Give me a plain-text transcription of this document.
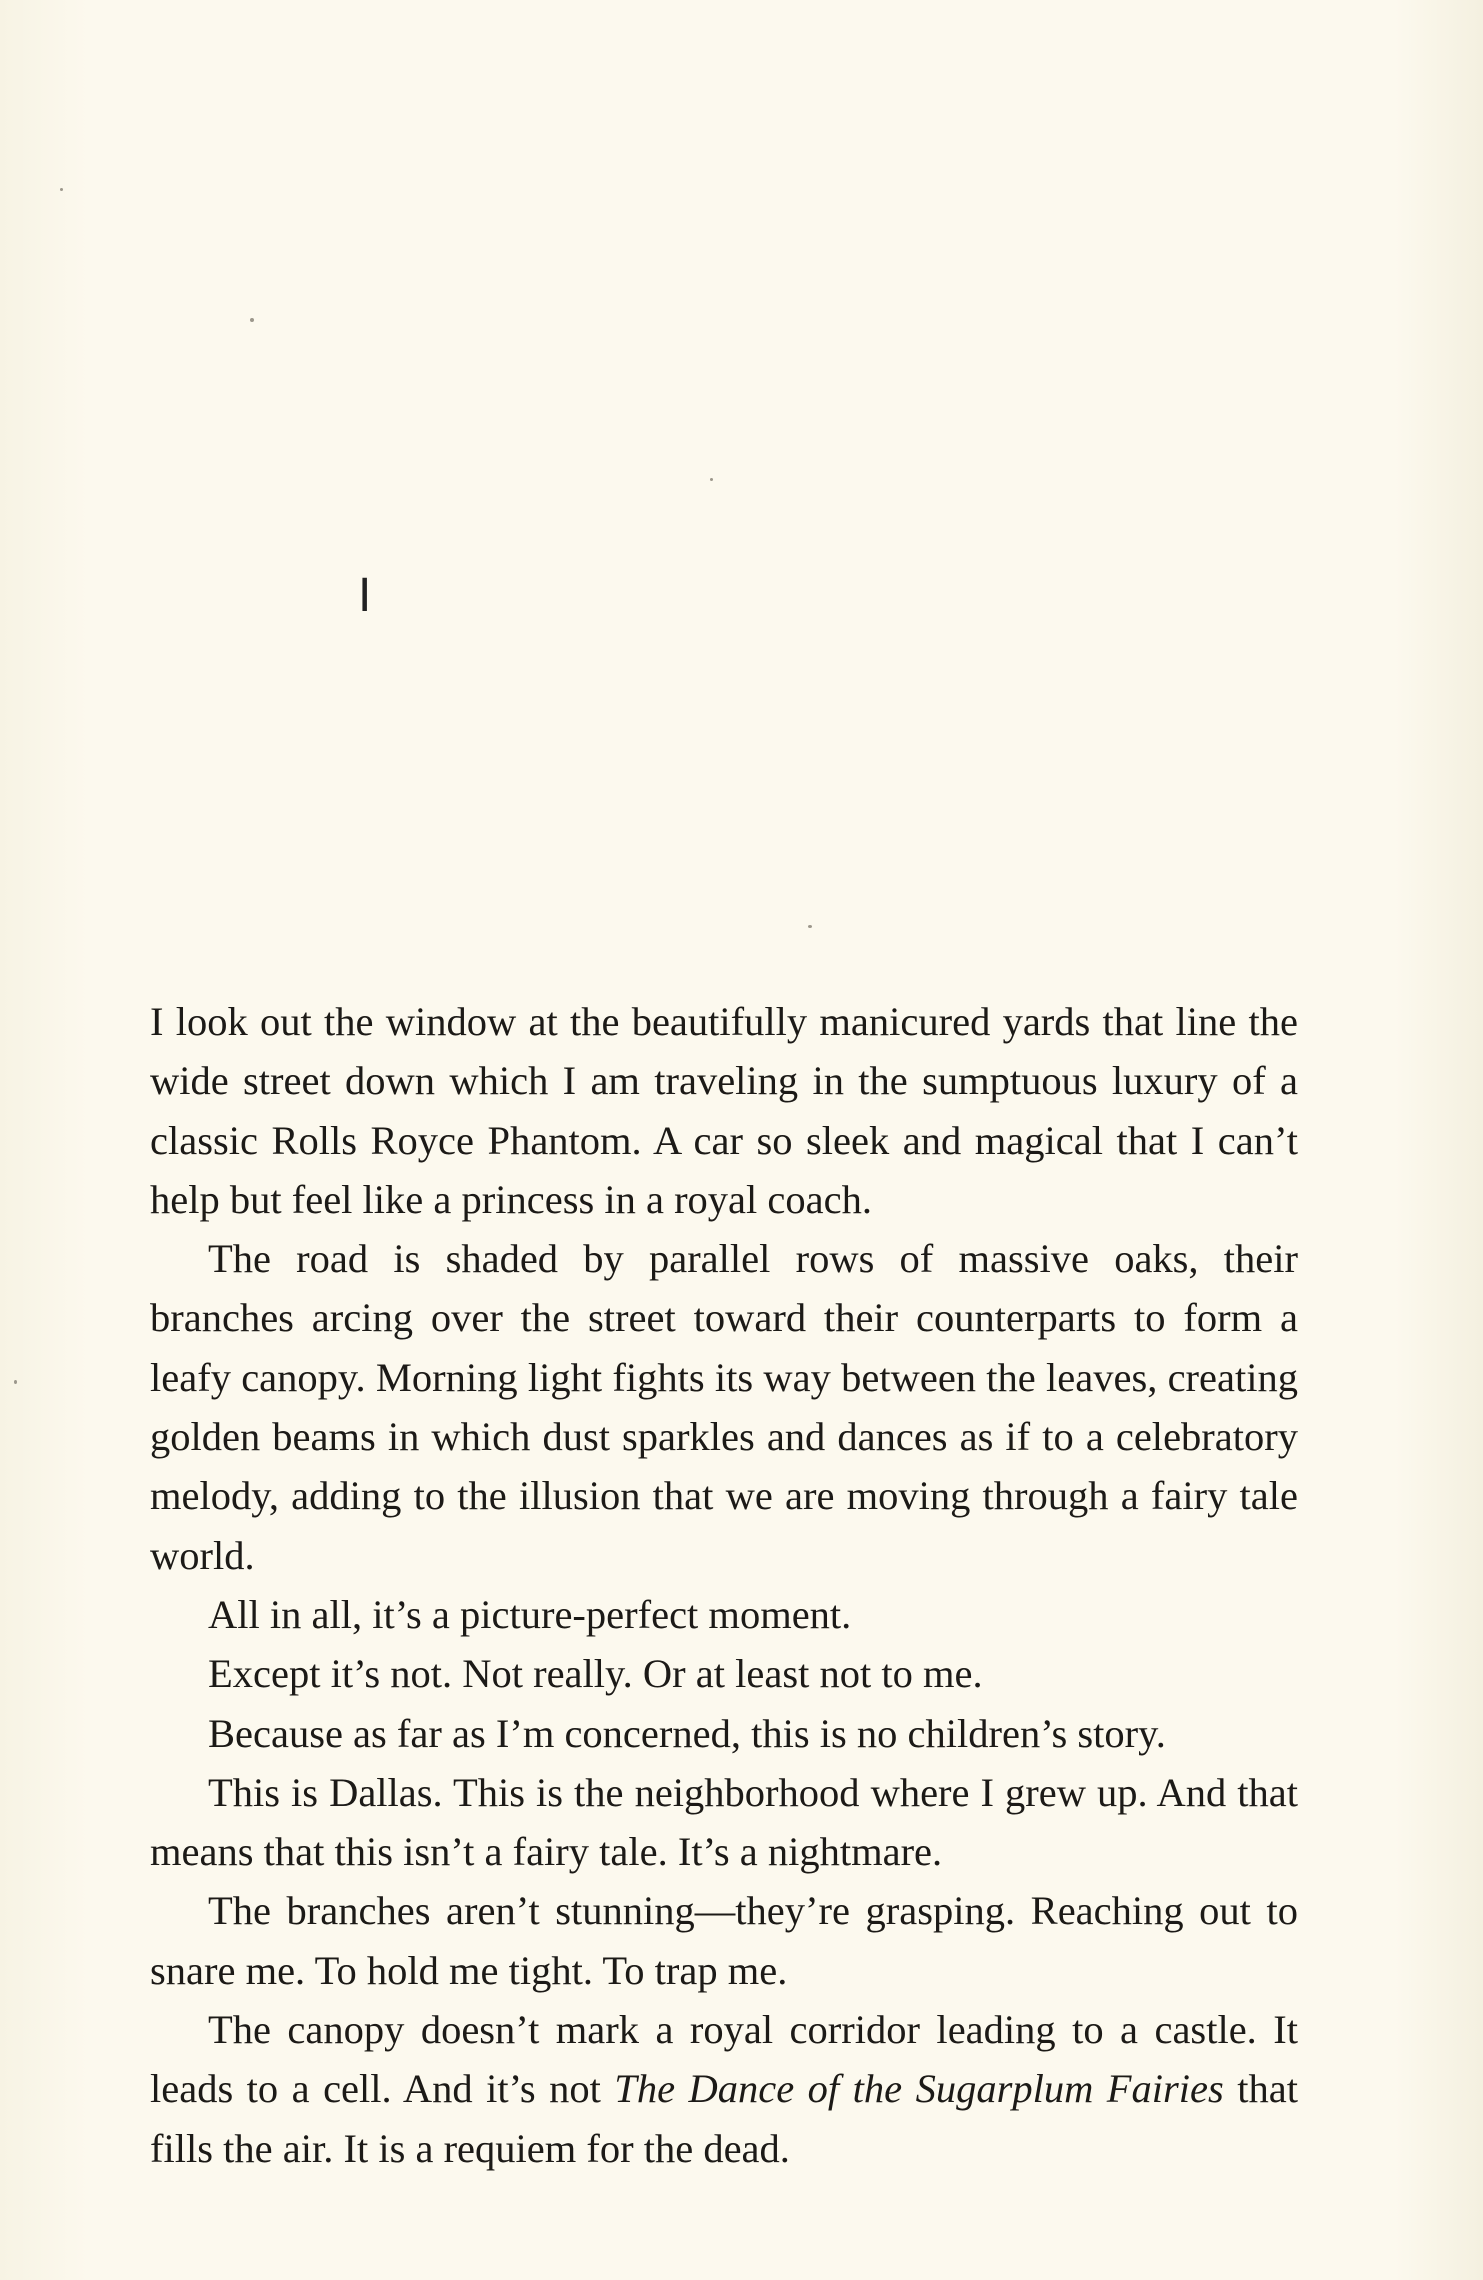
I

I look out the window at the beautifully manicured yards that line the wide street down which I am traveling in the sumptuous luxury of a classic Rolls Royce Phantom. A car so sleek and magical that I can’t help but feel like a princess in a royal coach.

The road is shaded by parallel rows of massive oaks, their branches arcing over the street toward their counterparts to form a leafy canopy. Morning light fights its way between the leaves, creating golden beams in which dust sparkles and dances as if to a celebratory melody, adding to the illusion that we are moving through a fairy tale world.

All in all, it’s a picture-perfect moment.

Except it’s not. Not really. Or at least not to me.

Because as far as I’m concerned, this is no children’s story.

This is Dallas. This is the neighborhood where I grew up. And that means that this isn’t a fairy tale. It’s a nightmare.

The branches aren’t stunning—they’re grasping. Reaching out to snare me. To hold me tight. To trap me.

The canopy doesn’t mark a royal corridor leading to a castle. It leads to a cell. And it’s not The Dance of the Sugarplum Fairies that fills the air. It is a requiem for the dead.
